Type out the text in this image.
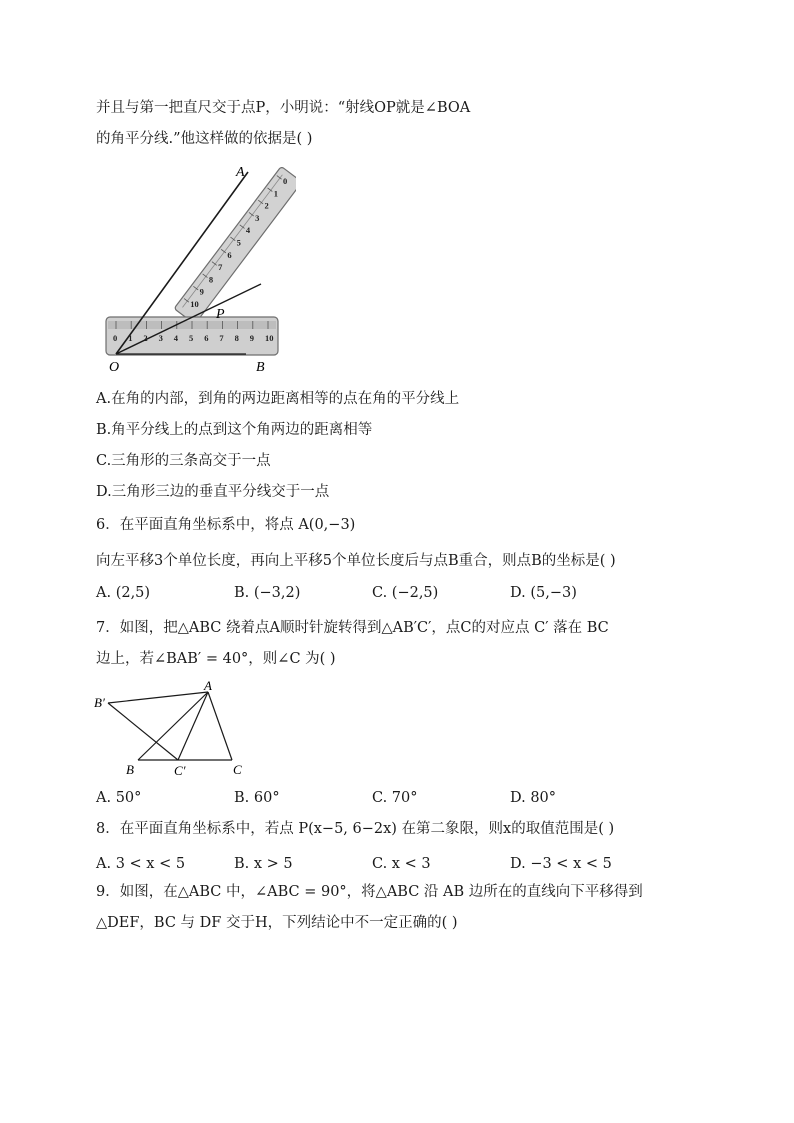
并且与第一把直尺交于点P，小明说：“射线OP就是∠BOA
的角平分线.”他这样做的依据是( )
0
1
2
3
4
5
6
7
8
9
10
0 1 2 3 4 5 6 7 8 9 10
A
P
O	B
A.在角的内部，到角的两边距离相等的点在角的平分线上
B.角平分线上的点到这个角两边的距离相等
C.三角形的三条高交于一点
D.三角形三边的垂直平分线交于一点
6．在平面直角坐标系中，将点 A(0,−3)
向左平移3个单位长度，再向上平移5个单位长度后与点B重合，则点B的坐标是( )
A. (2,5)	B. (−3,2)	C. (−2,5)	D. (5,−3)
7．如图，把△ABC 绕着点A顺时针旋转得到△AB′C′，点C的对应点 C′ 落在 BC
边上，若∠BAB′ = 40°，则∠C 为( )
A
B′
B	C′	C
A. 50°	B. 60°	C. 70°	D. 80°
8．在平面直角坐标系中，若点 P(x−5, 6−2x) 在第二象限，则x的取值范围是( )
A. 3 < x < 5	B. x > 5	C. x < 3	D. −3 < x < 5
9．如图，在△ABC 中，∠ABC = 90°，将△ABC 沿 AB 边所在的直线向下平移得到
△DEF，BC 与 DF 交于H，下列结论中不一定正确的( )
